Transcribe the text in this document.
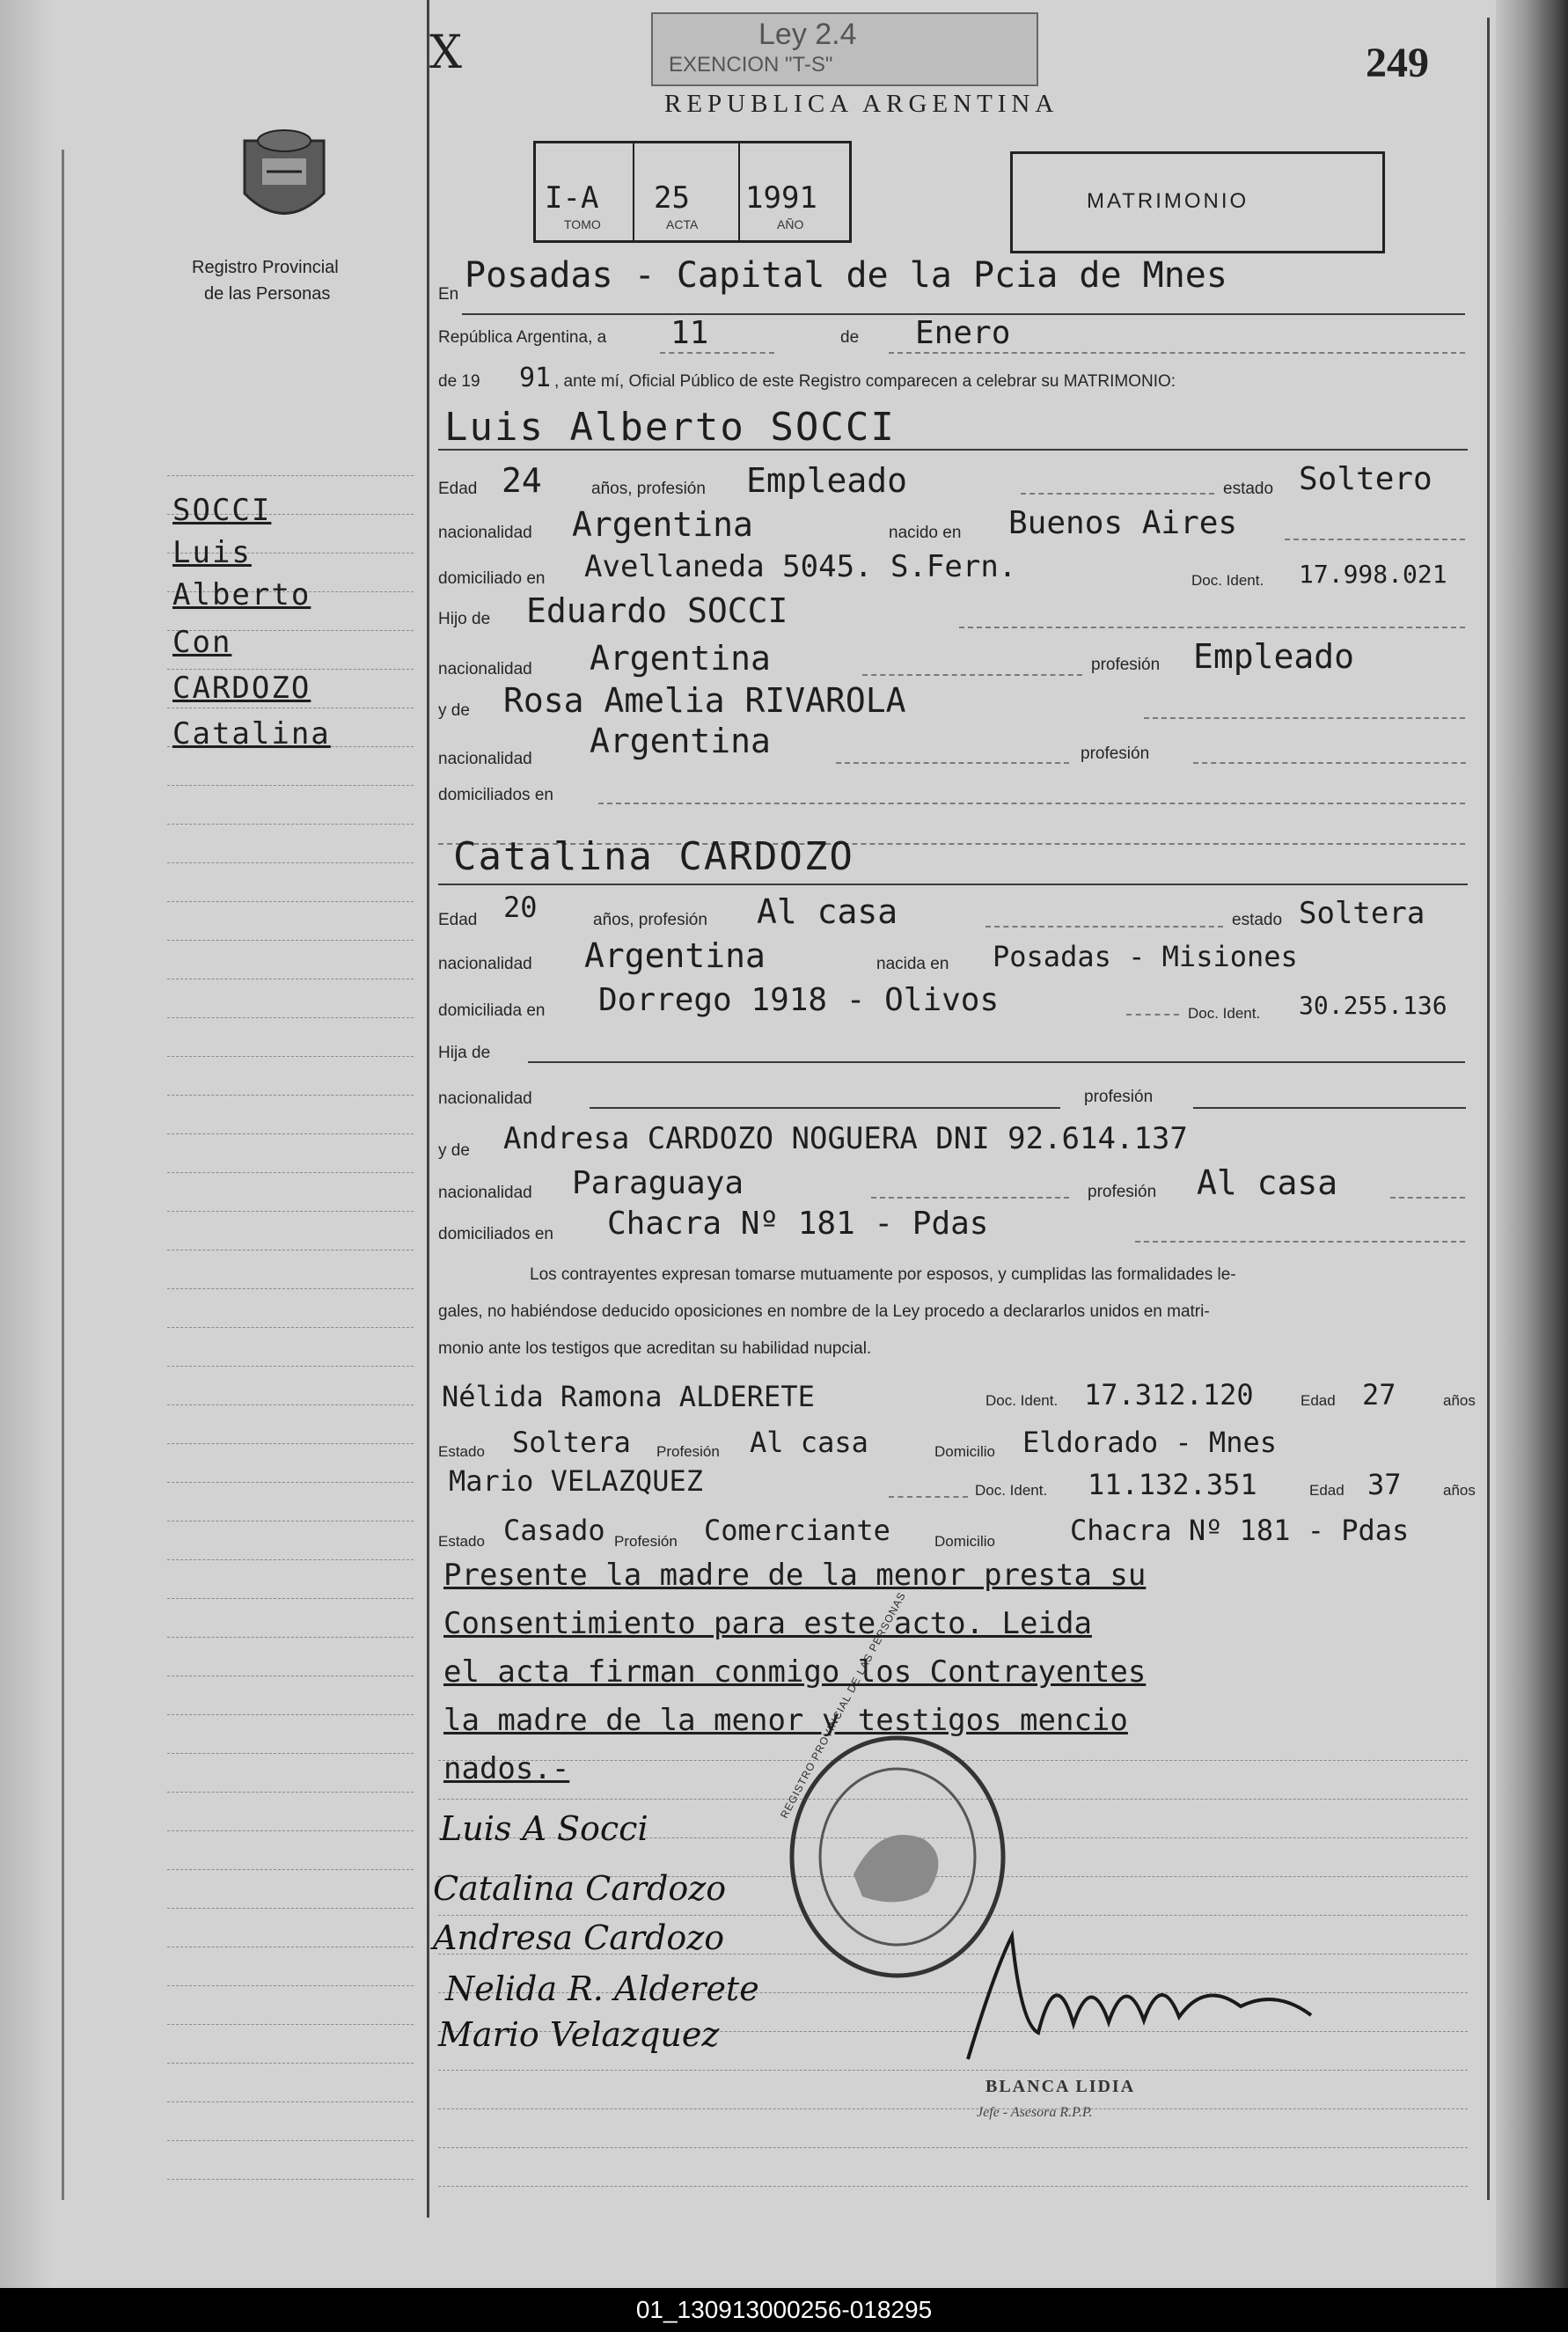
X	Ley 2.4
EXENCION "T-S"
REPUBLICA ARGENTINA
249
Registro Provincial
de las Personas
I-A
TOMO
25
ACTA
1991
AÑO
MATRIMONIO
SOCCI
Luis
Alberto
Con
CARDOZO
Catalina
En Posadas - Capital de la Pcia de Mnes
República Argentina, a 11	de Enero
de 19 91 , ante mí, Oficial Público de este Registro comparecen a celebrar su MATRIMONIO:
Luis Alberto SOCCI
Edad 24	años, profesión Empleado	estado Soltero
nacionalidad Argentina	nacido en Buenos Aires
domiciliado en Avellaneda 5045. S.Fern.	Doc. Ident. 17.998.021
Hijo de Eduardo SOCCI
nacionalidad Argentina	profesión Empleado
y de Rosa Amelia RIVAROLA
nacionalidad Argentina	profesión
domiciliados en
Catalina CARDOZO
Edad 20	años, profesión Al casa	estado Soltera
nacionalidad Argentina	nacida en Posadas - Misiones
domiciliada en Dorrego 1918 - Olivos	Doc. Ident. 30.255.136
Hija de
nacionalidad	profesión
y de Andresa CARDOZO NOGUERA DNI 92.614.137
nacionalidad Paraguaya	profesión Al casa
domiciliados en Chacra Nº 181 - Pdas
Los contrayentes expresan tomarse mutuamente por esposos, y cumplidas las formalidades le-
gales, no habiéndose deducido oposiciones en nombre de la Ley procedo a declararlos unidos en matri-
monio ante los testigos que acreditan su habilidad nupcial.
Nélida Ramona ALDERETE	Doc. Ident. 17.312.120	Edad 27	años
Estado Soltera Profesión Al casa	Domicilio Eldorado - Mnes
Mario VELAZQUEZ	Doc. Ident. 11.132.351	Edad 37	años
Estado Casado Profesión Comerciante	Domicilio	Chacra Nº 181 - Pdas
Presente la madre de la menor presta su
Consentimiento para este acto. Leida
el acta firman conmigo los Contrayentes
la madre de la menor y testigos mencio
nados.-	REGISTRO PROVINCIAL DE LAS PERSONAS
Luis A Socci
Catalina Cardozo
Andresa Cardozo
Nelida R. Alderete
Mario Velazquez
BLANCA LIDIA
Jefe - Asesora R.P.P.
01_130913000256-018295
